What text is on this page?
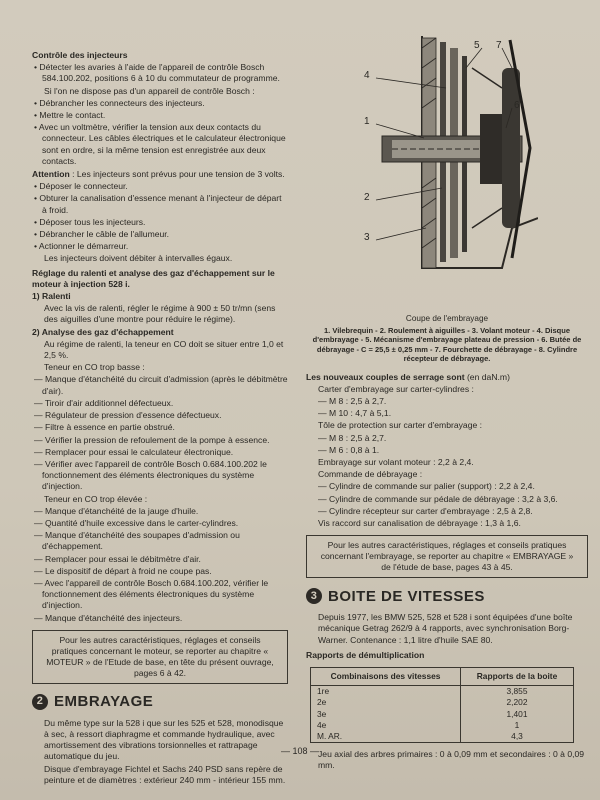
Contrôle des injecteurs
• Détecter les avaries à l'aide de l'appareil de contrôle Bosch 584.100.202, positions 6 à 10 du commutateur de programme.
Si l'on ne dispose pas d'un appareil de contrôle Bosch :
• Débrancher les connecteurs des injecteurs.
• Mettre le contact.
• Avec un voltmètre, vérifier la tension aux deux contacts du connecteur. Les câbles électriques et le calculateur électronique sont en ordre, si la même tension est enregistrée aux deux contacts.
Attention : Les injecteurs sont prévus pour une tension de 3 volts.
• Déposer le connecteur.
• Obturer la canalisation d'essence menant à l'injecteur de départ à froid.
• Déposer tous les injecteurs.
• Débrancher le câble de l'allumeur.
• Actionner le démarreur.
Les injecteurs doivent débiter à intervalles égaux.
Réglage du ralenti et analyse des gaz d'échappement sur le moteur à injection 528 i.
1) Ralenti
Avec la vis de ralenti, régler le régime à 900 ± 50 tr/mn (sens des aiguilles d'une montre pour réduire le régime).
2) Analyse des gaz d'échappement
Au régime de ralenti, la teneur en CO doit se situer entre 1,0 et 2,5 %.
Teneur en CO trop basse :
— Manque d'étanchéité du circuit d'admission (après le débitmètre d'air).
— Tiroir d'air additionnel défectueux.
— Régulateur de pression d'essence défectueux.
— Filtre à essence en partie obstrué.
— Vérifier la pression de refoulement de la pompe à essence.
— Remplacer pour essai le calculateur électronique.
— Vérifier avec l'appareil de contrôle Bosch 0.684.100.202 le fonctionnement des éléments électroniques du système d'injection.
Teneur en CO trop élevée :
— Manque d'étanchéité de la jauge d'huile.
— Quantité d'huile excessive dans le carter-cylindres.
— Manque d'étanchéité des soupapes d'admission ou d'échappement.
— Remplacer pour essai le débitmètre d'air.
— Le dispositif de départ à froid ne coupe pas.
— Avec l'appareil de contrôle Bosch 0.684.100.202, vérifier le fonctionnement des éléments électroniques du système d'injection.
— Manque d'étanchéité des injecteurs.
Pour les autres caractéristiques, réglages et conseils pratiques concernant le moteur, se reporter au chapitre « MOTEUR » de l'Etude de base, en tête du présent ouvrage, pages 6 à 42.
2 EMBRAYAGE
Du même type sur la 528 i que sur les 525 et 528, monodisque à sec, à ressort diaphragme et commande hydraulique, avec amortissement des vibrations torsionnelles et rattrapage automatique du jeu.
Disque d'embrayage Fichtel et Sachs 240 PSD sans repère de peinture et de diamètres : extérieur 240 mm - intérieur 155 mm.
1
2
3
4
5
6
7
Coupe de l'embrayage
1. Vilebrequin - 2. Roulement à aiguilles - 3. Volant moteur - 4. Disque d'embrayage - 5. Mécanisme d'embrayage plateau de pression - 6. Butée de débrayage - C = 25,5 ± 0,25 mm - 7. Fourchette de débrayage - 8. Cylindre récepteur de débrayage.
Les nouveaux couples de serrage sont (en daN.m)
Carter d'embrayage sur carter-cylindres :
— M 8 : 2,5 à 2,7.
— M 10 : 4,7 à 5,1.
Tôle de protection sur carter d'embrayage :
— M 8 : 2,5 à 2,7.
— M 6 : 0,8 à 1.
Embrayage sur volant moteur : 2,2 à 2,4.
Commande de débrayage :
— Cylindre de commande sur palier (support) : 2,2 à 2,4.
— Cylindre de commande sur pédale de débrayage : 3,2 à 3,6.
— Cylindre récepteur sur carter d'embrayage : 2,5 à 2,8.
Vis raccord sur canalisation de débrayage : 1,3 à 1,6.
Pour les autres caractéristiques, réglages et conseils pratiques concernant l'embrayage, se reporter au chapitre « EMBRAYAGE » de l'étude de base, pages 43 à 45.
3 BOITE DE VITESSES
Depuis 1977, les BMW 525, 528 et 528 i sont équipées d'une boîte mécanique Getrag 262/9 à 4 rapports, avec synchronisation Borg-Warner. Contenance : 1,1 litre d'huile SAE 80.
Rapports de démultiplication
Combinaisons des vitesses	Rapports de la boite
1re	3,855
2e	2,202
3e	1,401
4e	1
M. AR.	4,3
Jeu axial des arbres primaires : 0 à 0,09 mm et secondaires : 0 à 0,09 mm.
— 108 —
